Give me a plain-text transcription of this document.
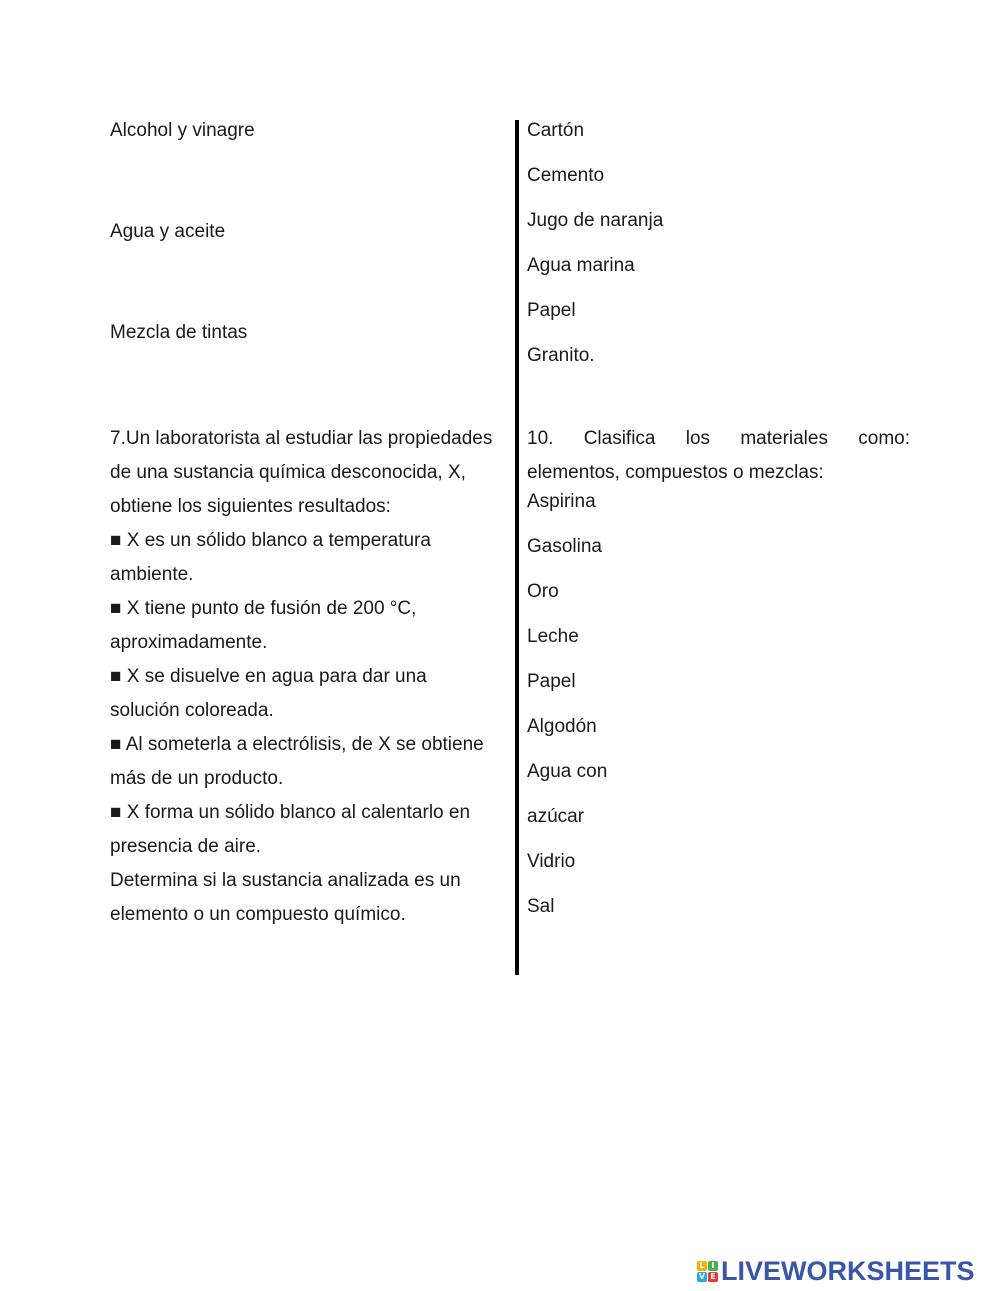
Alcohol y vinagre
Agua y aceite
Mezcla de tintas
Cartón
Cemento
Jugo de naranja
Agua marina
Papel
Granito.
7.Un laboratorista al estudiar las propiedades
de una sustancia química desconocida, X,
obtiene los siguientes resultados:
■ X es un sólido blanco a temperatura
ambiente.
■ X tiene punto de fusión de 200 °C,
aproximadamente.
■ X se disuelve en agua para dar una
solución coloreada.
■ Al someterla a electrólisis, de X se obtiene
más de un producto.
■ X forma un sólido blanco al calentarlo en
presencia de aire.
Determina si la sustancia analizada es un
elemento o un compuesto químico.
10. Clasifica los materiales como:
elementos, compuestos o mezclas:
Aspirina
Gasolina
Oro
Leche
Papel
Algodón
Agua con
azúcar
Vidrio
Sal
L I
V E LIVEWORKSHEETS
